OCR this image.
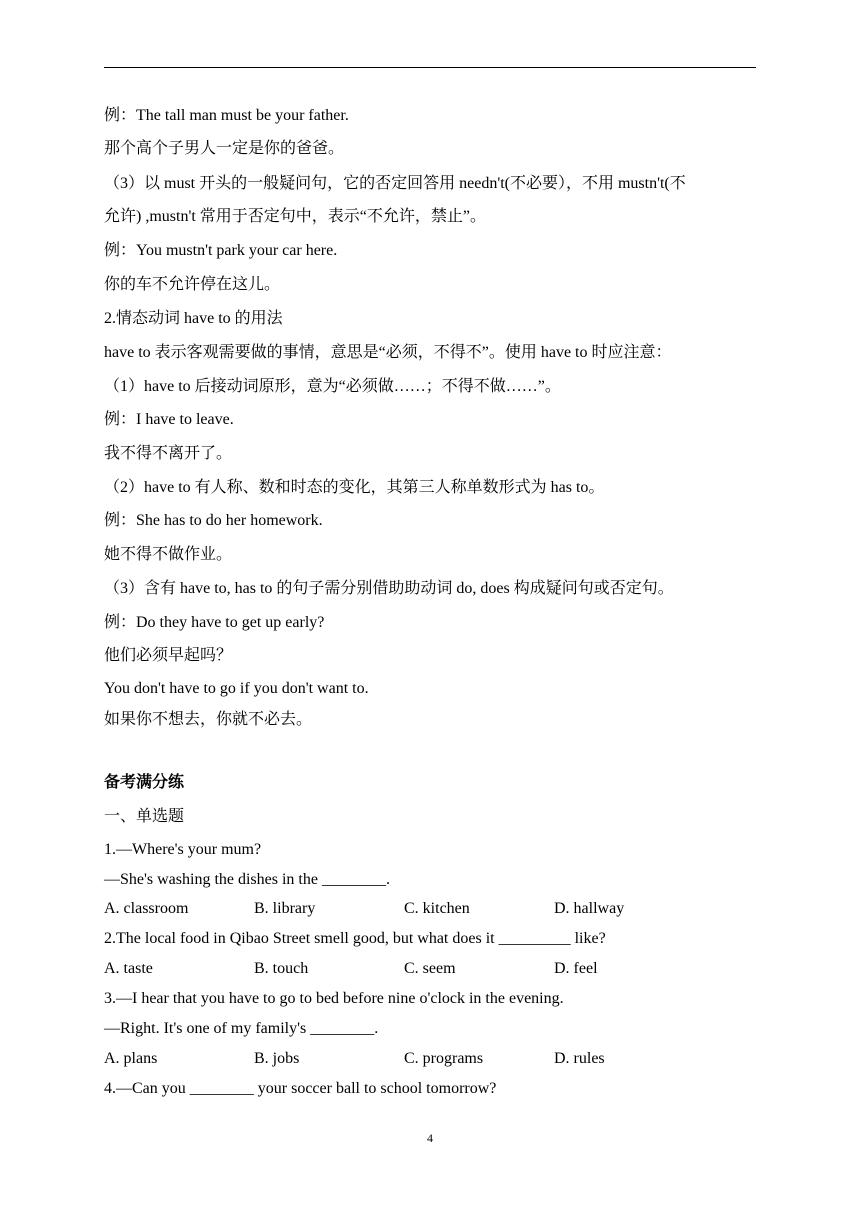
例：The tall man must be your father.
那个高个子男人一定是你的爸爸。
（3）以 must 开头的一般疑问句，它的否定回答用 needn't(不必要），不用 mustn't(不
允许) ,mustn't 常用于否定句中，表示“不允许，禁止”。
例：You mustn't park your car here.
你的车不允许停在这儿。
2.情态动词 have to 的用法
have to 表示客观需要做的事情，意思是“必须，不得不”。使用 have to 时应注意：
（1）have to 后接动词原形，意为“必须做……；不得不做……”。
例：I have to leave.
我不得不离开了。
（2）have to 有人称、数和时态的变化，其第三人称单数形式为 has to。
例：She has to do her homework.
她不得不做作业。
（3）含有 have to, has to 的句子需分别借助助动词 do, does 构成疑问句或否定句。
例：Do they have to get up early?
他们必须早起吗？
You don't have to go if you don't want to.
如果你不想去，你就不必去。
备考满分练
一、单选题
1.—Where's your mum?
—She's washing the dishes in the ________.
A. classroom	B. library	C. kitchen	D. hallway
2.The local food in Qibao Street smell good, but what does it _________ like?
A. taste	B. touch	C. seem	D. feel
3.—I hear that you have to go to bed before nine o'clock in the evening.
—Right. It's one of my family's ________.
A. plans	B. jobs	C. programs	D. rules
4.—Can you ________ your soccer ball to school tomorrow?
4
